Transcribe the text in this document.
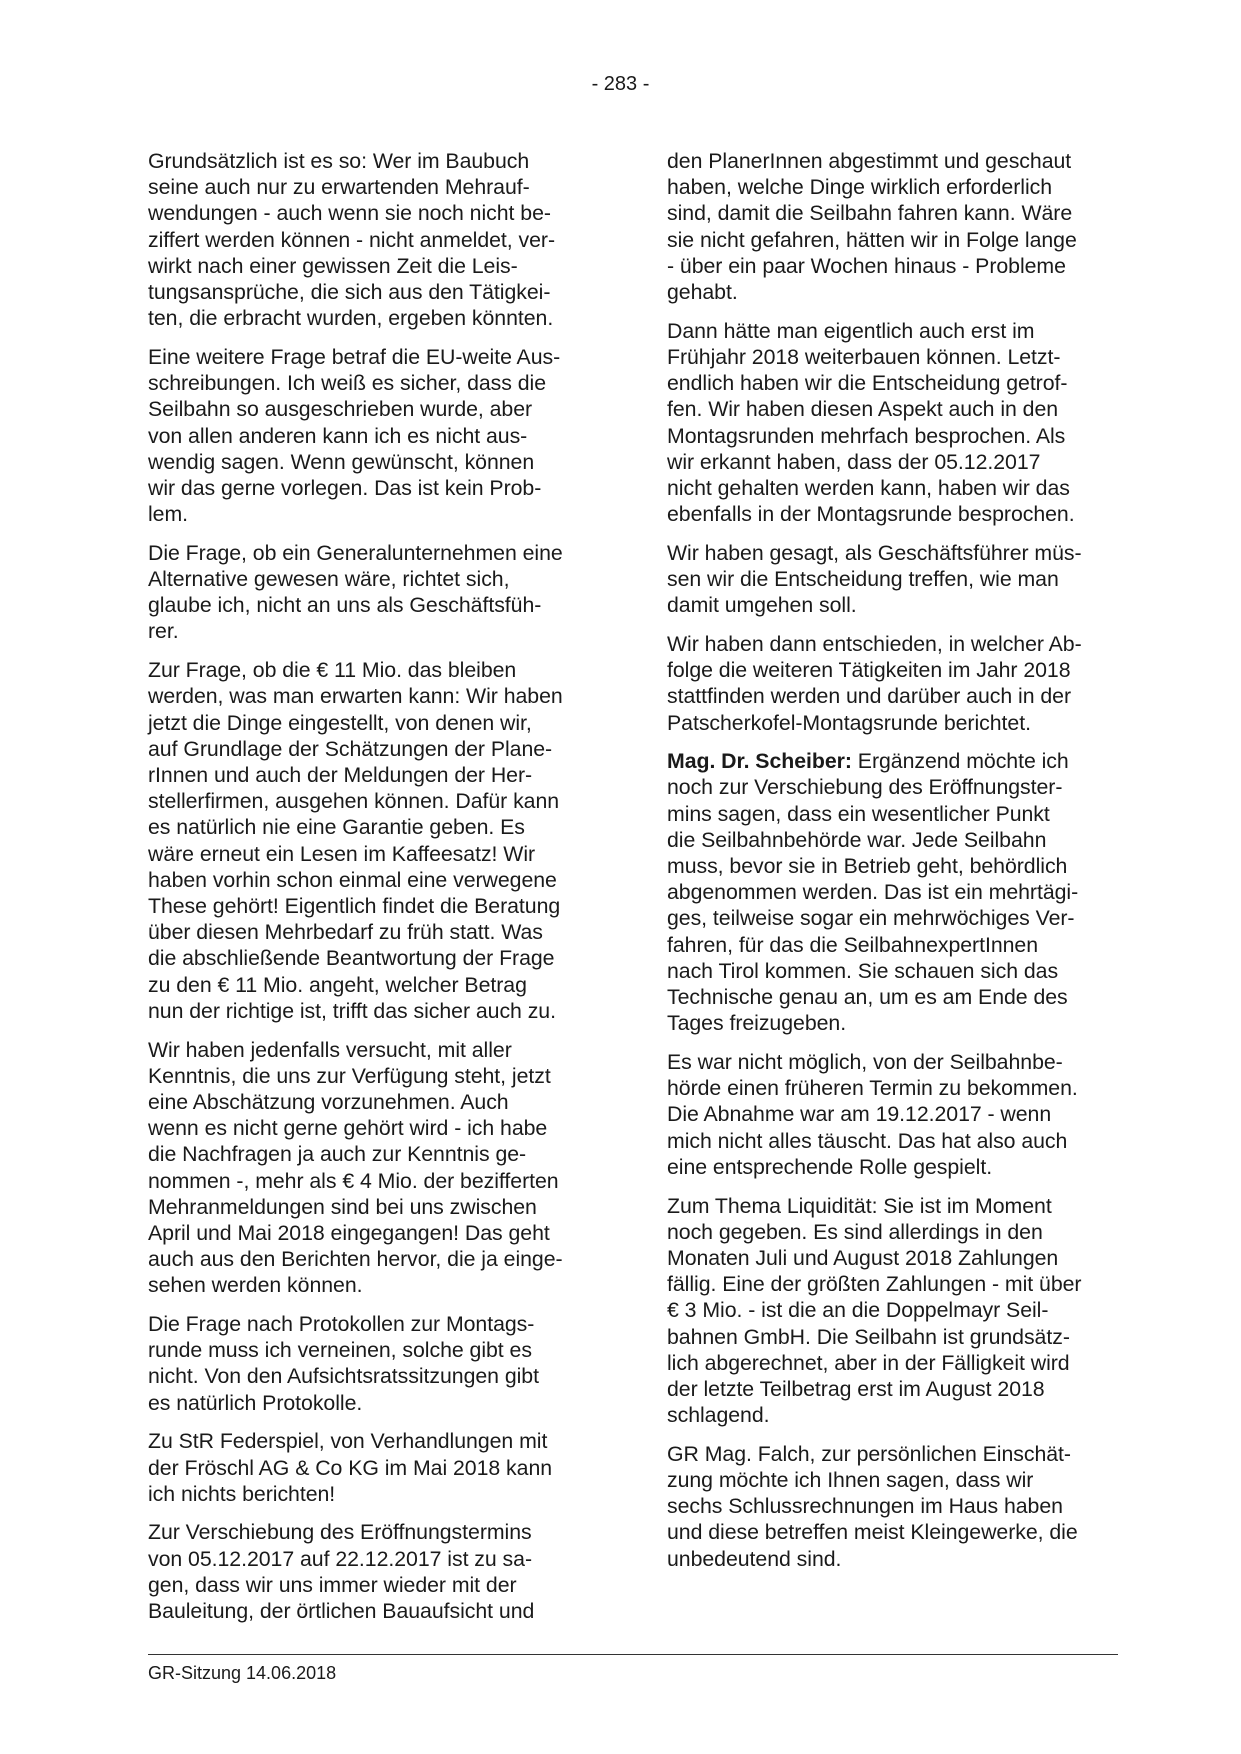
- 283 -

Grundsätzlich ist es so: Wer im Baubuch
seine auch nur zu erwartenden Mehrauf-
wendungen - auch wenn sie noch nicht be-
ziffert werden können - nicht anmeldet, ver-
wirkt nach einer gewissen Zeit die Leis-
tungsansprüche, die sich aus den Tätigkei-
ten, die erbracht wurden, ergeben könnten.

Eine weitere Frage betraf die EU-weite Aus-
schreibungen. Ich weiß es sicher, dass die
Seilbahn so ausgeschrieben wurde, aber
von allen anderen kann ich es nicht aus-
wendig sagen. Wenn gewünscht, können
wir das gerne vorlegen. Das ist kein Prob-
lem.

Die Frage, ob ein Generalunternehmen eine
Alternative gewesen wäre, richtet sich,
glaube ich, nicht an uns als Geschäftsfüh-
rer.

Zur Frage, ob die € 11 Mio. das bleiben
werden, was man erwarten kann: Wir haben
jetzt die Dinge eingestellt, von denen wir,
auf Grundlage der Schätzungen der Plane-
rInnen und auch der Meldungen der Her-
stellerfirmen, ausgehen können. Dafür kann
es natürlich nie eine Garantie geben. Es
wäre erneut ein Lesen im Kaffeesatz! Wir
haben vorhin schon einmal eine verwegene
These gehört! Eigentlich findet die Beratung
über diesen Mehrbedarf zu früh statt. Was
die abschließende Beantwortung der Frage
zu den € 11 Mio. angeht, welcher Betrag
nun der richtige ist, trifft das sicher auch zu.

Wir haben jedenfalls versucht, mit aller
Kenntnis, die uns zur Verfügung steht, jetzt
eine Abschätzung vorzunehmen. Auch
wenn es nicht gerne gehört wird - ich habe
die Nachfragen ja auch zur Kenntnis ge-
nommen -, mehr als € 4 Mio. der bezifferten
Mehranmeldungen sind bei uns zwischen
April und Mai 2018 eingegangen! Das geht
auch aus den Berichten hervor, die ja einge-
sehen werden können.

Die Frage nach Protokollen zur Montags-
runde muss ich verneinen, solche gibt es
nicht. Von den Aufsichtsratssitzungen gibt
es natürlich Protokolle.

Zu StR Federspiel, von Verhandlungen mit
der Fröschl AG & Co KG im Mai 2018 kann
ich nichts berichten!

Zur Verschiebung des Eröffnungstermins
von 05.12.2017 auf 22.12.2017 ist zu sa-
gen, dass wir uns immer wieder mit der
Bauleitung, der örtlichen Bauaufsicht und

den PlanerInnen abgestimmt und geschaut
haben, welche Dinge wirklich erforderlich
sind, damit die Seilbahn fahren kann. Wäre
sie nicht gefahren, hätten wir in Folge lange
- über ein paar Wochen hinaus - Probleme
gehabt.

Dann hätte man eigentlich auch erst im
Frühjahr 2018 weiterbauen können. Letzt-
endlich haben wir die Entscheidung getrof-
fen. Wir haben diesen Aspekt auch in den
Montagsrunden mehrfach besprochen. Als
wir erkannt haben, dass der 05.12.2017
nicht gehalten werden kann, haben wir das
ebenfalls in der Montagsrunde besprochen.

Wir haben gesagt, als Geschäftsführer müs-
sen wir die Entscheidung treffen, wie man
damit umgehen soll.

Wir haben dann entschieden, in welcher Ab-
folge die weiteren Tätigkeiten im Jahr 2018
stattfinden werden und darüber auch in der
Patscherkofel-Montagsrunde berichtet.

Mag. Dr. Scheiber: Ergänzend möchte ich
noch zur Verschiebung des Eröffnungster-
mins sagen, dass ein wesentlicher Punkt
die Seilbahnbehörde war. Jede Seilbahn
muss, bevor sie in Betrieb geht, behördlich
abgenommen werden. Das ist ein mehrtägi-
ges, teilweise sogar ein mehrwöchiges Ver-
fahren, für das die SeilbahnexpertInnen
nach Tirol kommen. Sie schauen sich das
Technische genau an, um es am Ende des
Tages freizugeben.

Es war nicht möglich, von der Seilbahnbe-
hörde einen früheren Termin zu bekommen.
Die Abnahme war am 19.12.2017 - wenn
mich nicht alles täuscht. Das hat also auch
eine entsprechende Rolle gespielt.

Zum Thema Liquidität: Sie ist im Moment
noch gegeben. Es sind allerdings in den
Monaten Juli und August 2018 Zahlungen
fällig. Eine der größten Zahlungen - mit über
€ 3 Mio. - ist die an die Doppelmayr Seil-
bahnen GmbH. Die Seilbahn ist grundsätz-
lich abgerechnet, aber in der Fälligkeit wird
der letzte Teilbetrag erst im August 2018
schlagend.

GR Mag. Falch, zur persönlichen Einschät-
zung möchte ich Ihnen sagen, dass wir
sechs Schlussrechnungen im Haus haben
und diese betreffen meist Kleingewerke, die
unbedeutend sind.

GR-Sitzung 14.06.2018
